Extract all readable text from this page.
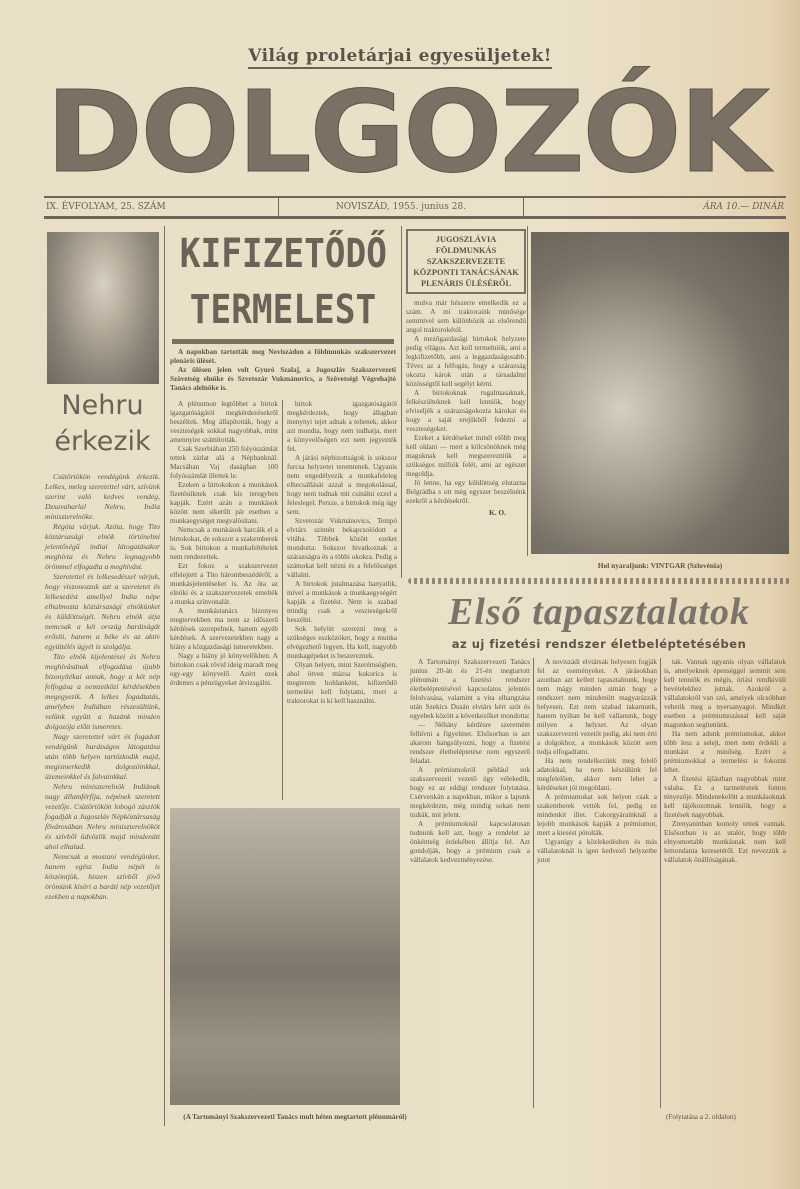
Világ proletárjai egyesüljetek!
DOLGOZÓK
IX. ÉVFOLYAM, 25. SZÁM	NOVISZÁD, 1955. junius 28.	ÁRA 10.— DINÁR
Nehru
érkezik

Csütörtökön vendégünk érkezik. Lelkes, meleg szeretettel várt, szívünk szerint való kedves vendég, Dzsavaharlal Nehru, India miniszterelnöke.

Régóta várjuk. Azóta, hogy Tito köztársasági elnök történelmi jelentőségű indiai látogatásakor meghívta és Nehru legnagyobb örömmel elfogadta a meghívást.

Szeretettel és lelkesedéssel várjuk, hogy viszonozzuk azt a szeretetet és lelkesedést amellyel India népe elhalmozta köztársasági elnökünket és küldöttségét. Nehru elnök útja nemcsak a két ország barátságát erősíti, hanem a béke és az aktív együttélés ügyét is szolgálja.

Tito elnök kijelentései és Nehru meghívásának elfogadása újabb bizonyítékai annak, hogy a két nép felfogása a nemzetközi kérdésekben megegyezik. A lelkes fogadtatás, amelyben Indiában részesültünk, velünk együtt a hazánk minden dolgozója előtt ismeretes.

Nagy szeretettel várt és fogadott vendégünk barátságos látogatása után több helyen tartózkodik majd, megismerkedik dolgozóinkkal, üzemeinkkel és falvainkkal.

Nehru miniszterelnök Indiának nagy államférfija, népének szeretett vezetője. Csütörtökön lobogó zászlók fogadják a Jugoszláv Népköztársaság fővárosában Nehru miniszterelnököt és szívből üdvözlik majd mindenütt ahol elhalad.

Nemcsak a mostani vendégünket, hanem egész India népét is köszöntjük, hiszen szívből jövő örömünk kíséri a baráti nép vezetőjét ezekben a napokban.

KIFIZETŐDŐ
TERMELEST

A napokban tartották meg Noviszádon a földmunkás szakszervezet plenáris ülését.

Az ülésen jelen volt Gyuró Szalaj, a Jugoszláv Szakszervezeti Szövetség elnöke és Szvetozár Vukmánovics, a Szövetségi Végrehajtó Tanács alelnöke is.

A plénumon legtöbbet a birtok igazgatóságától megkérdezésekről beszéltek. Meg állapították, hogy a veszteségek sokkal nagyobbak, mint amennyire számították.

Csak Szerbiában 250 folyószámlát tettek zárlat alá a Népbanknál. Macsában Vaj dasághan 100 folyószámlát illettek le.

Ezeken a birtokokon a munkások fizetésüknek csak kis teregyben kapják. Ezért azán a munkások között nem sikerült pár esetben a munkaegységet megvalósítani.

Nemcsak a munkások harcáik el a birtokokat, de sokszor a szakemberek is. Sok birtokon a munkafeltételek nem rendezettek.

Ezt fokoz a szakszervezet elfelejtett a Tito hárombeszédéről, a munkásjelentéseket is. Az óta az elnöki és a szakszervezetek emelték a munka színvonalát.

A munkástanács bizonyos megtervekben ma nem az időszerű kérdések szerepelnek, hanem egyéb kérdések. A szervezetekben nagy a hiány a közgazdasági ismeretekben.

Nagy a hiány jó könyvelőkben. A birtokon csak rövid ideig maradt meg egy-egy könyvelő. Azért ezek érdemes a pénzügyeket átvizsgálni.

birtok igazgatóságától megkérdeztek, hogy állagban menynyi tejet adnak a tehenek, akkor azt mondta, hogy nem tudhatja, mert a könyvelőségen ezt nem jegyezték fel.

A járási népbizottságok is sokszor furcsa helyzetet teremtenek. Ugyanis nem engedélyezik a munkafeleleg elhecsállását azzal a megokolással, hogy nem tudnak mit csinálni ezzel a feleslegel. Persze, a birtokok még úgy sem.

Szvetozár Vukmánovics, Tempó elvtárs szintén bekapcsolódott a vitába. Többek között ezeket mondotta: Sokszor hivatkoznak a szárazságra és a többi okokra. Pedig a számokat kell nézni és a felelősséget vállalni.

A birtokok jutalmazása hanyatlik, mivel a munkások a munkaegységért kapják a fizetést. Nem is szabad mindig csak a veszteségekről beszélni.

Sok helyütt szerezni meg a szükséges eszközöket, hogy a munka elvégezhető legyen. Ha kell, nagyobb munkagépeket is beszereznek.

Olyan helyen, mint Szerémségben, ahol ötven mázsa kukorica is megterem holdanként, kifizetődő termelést kell folytatni, mert a traktorokat is ki kell használni.

(A Tartományi Szakszervezeti Tanács mult héten megtartott plénumáról)
JUGOSZLÁVIA FÖLDMUNKÁS SZAKSZERVEZETE KÖZPONTI TANÁCSÁNAK PLENÁRIS ÜLÉSÉRŐL

mulva már hészerre emelkedik ez a szám. A mi traktoraink minősége semmivel sem különbözik az elsőrendű angol traktorokétól.

A mezőgazdasági birtokok helyzete pedig világos. Azt kell termelniök, ami a legkifizetőbb, ami a leggazdaságosabb. Téves az a felfogás, hogy a szárazság okozta károk után a társadalmi közösségtől kell segélyt kérni.

A birtokoknak rugalmasaknak, felkészülteknek kell lenniök, hogy elviseljék a szárazságokozta károkat és hogy a saját erejükből fedezni a veszteségeket.

Ezeket a kérdéseket minél előbb meg kell oldani — mert a kölcsönöknek még maguknak kell megszerezniük a szükséges milliók felét, ami az egészet megoldja.

Jó lenne, ha egy küldöttség elutazna Belgrádba s ott még egyszer beszélnénk ezekről a kérdésekről.

K. O.
Hol nyaraljunk: VINTGAR (Szlovénia)
Első tapasztalatok
az uj fizetési rendszer életbeléptetésében

A Tartományi Szakszervezeti Tanács junius 20-án és 21-én megtartott plénumán a fizetési rendszer életbeléptetésével kapcsolatos jelentés felolvasása, valamint a vita elhangzása után Szekics Dusán elvtárs kért szót és egyebek között a következőket mondotta:

— Néhány kérdésre szeretném felhívni a figyelmet. Elsősorban is azt akarom hangsúlyozni, hogy a fizetési rendszer életbeléptetése nem egyszerű feladat.

A prémiumokról például sok szakszervezeti vezető úgy vélekedik, hogy ez az eddigi rendszer folytatása. Csérvenkán a napokban, mikor a lapunk megkérdezte, még mindig sokan nem tudták, mit jelent.

A prémiumoknál kapcsolatosan tudnunk kell azt, hogy a rendelet az önkéntség érdekében állítja fel. Azt gondolják, hogy a prémium csak a vállalatok kedvezményezése.

A noviszádi elvtársak helyesen fogják fel az eseményeket. A járásokban azonban azt kellett tapasztalnunk, hogy nem mágy minden simán hogy a rendszert nem mindenütt magyarázzák helyesen. Ezt nem szabad takarnunk, hanem nyíltan be kell vallanunk, hogy milyen a helyzet. Az olyan szakszervezeti vezetőt pedig, aki nem érti a dolgokhoz, a munkások között sem tudja elfogadtatni.

Ha nem rendelkezünk meg felelő adatokkal, ha nem készülünk fel megfelelően, akkor nem lehet a kérdéseket jól megoldani.

A prémiumokat sok helyen csak a szakemberek vették fel, pedig ez mindenkit illet. Cukorgyárainknál a lejobb munkások kapják a prémiumot, mert a kiesést pótolták.

Ugyanígy a közlekedésben és más vállalatoknál is igen kedvező helyzetbe jutot

tak. Vannak ugyanis olyan vállalatok is, amelyeknek épenséggel semmit sem kell tenniök és mégis, óriási rendkívüli bevételekhez jutnak. Azokról a vállalatokról van szó, amelyek olcsóbban vehetik meg a nyersanyagot. Mindkét esetben a prémiumozással kell saját magunkon segítenünk.

Ha nem adunk prémiumokat, akkor több lesz a selejt, mert nem érdekli a munkást a minőség. Ezért a prémiumokkal a termelést is fokozni lehet.

A fizetési ájlástban nagyobbak mint valaha. Ez a tarmelésnek fontos tényezője. Mindenekelőtt a munkásoknak kell tájékozottnak lenniök, hogy a fizetések nagyobbak.

Zrenyaninban komoly tettek vannak. Elsősorban is az utalót, hogy több elnyomottabb munkásnak nem kell lemondania keresetéről. Ezt nevezzük a vállalatok önállóságának.

(Folytatása a 2. oldalon)
